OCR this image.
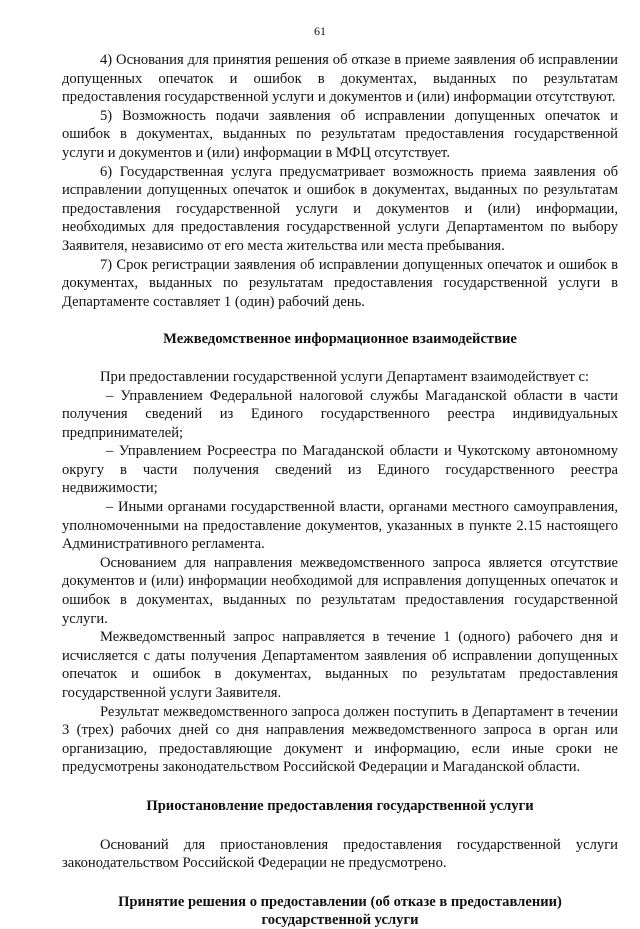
61

4) Основания для принятия решения об отказе в приеме заявления об исправлении допущенных опечаток и ошибок в документах, выданных по результатам предоставления государственной услуги и документов и (или) информации отсутствуют.

5) Возможность подачи заявления об исправлении допущенных опечаток и ошибок в документах, выданных по результатам предоставления государственной услуги и документов и (или) информации в МФЦ отсутствует.

6) Государственная услуга предусматривает возможность приема заявления об исправлении допущенных опечаток и ошибок в документах, выданных по результатам предоставления государственной услуги и документов и (или) информации, необходимых для предоставления государственной услуги Департаментом по выбору Заявителя, независимо от его места жительства или места пребывания.

7) Срок регистрации заявления об исправлении допущенных опечаток и ошибок в документах, выданных по результатам предоставления государственной услуги в Департаменте составляет 1 (один) рабочий день.

Межведомственное информационное взаимодействие

При предоставлении государственной услуги Департамент взаимодействует с:

– Управлением Федеральной налоговой службы Магаданской области в части получения сведений из Единого государственного реестра индивидуальных предпринимателей;

– Управлением Росреестра по Магаданской области и Чукотскому автономному округу в части получения сведений из Единого государственного реестра недвижимости;

– Иными органами государственной власти, органами местного самоуправления, уполномоченными на предоставление документов, указанных в пункте 2.15 настоящего Административного регламента.

Основанием для направления межведомственного запроса является отсутствие документов и (или) информации необходимой для исправления допущенных опечаток и ошибок в документах, выданных по результатам предоставления государственной услуги.

Межведомственный запрос направляется в течение 1 (одного) рабочего дня и исчисляется с даты получения Департаментом заявления об исправлении допущенных опечаток и ошибок в документах, выданных по результатам предоставления государственной услуги Заявителя.

Результат межведомственного запроса должен поступить в Департамент в течении 3 (трех) рабочих дней со дня направления межведомственного запроса в орган или организацию, предоставляющие документ и информацию, если иные сроки не предусмотрены законодательством Российской Федерации и Магаданской области.

Приостановление предоставления государственной услуги

Оснований для приостановления предоставления государственной услуги законодательством Российской Федерации не предусмотрено.

Принятие решения о предоставлении (об отказе в предоставлении) государственной услуги
